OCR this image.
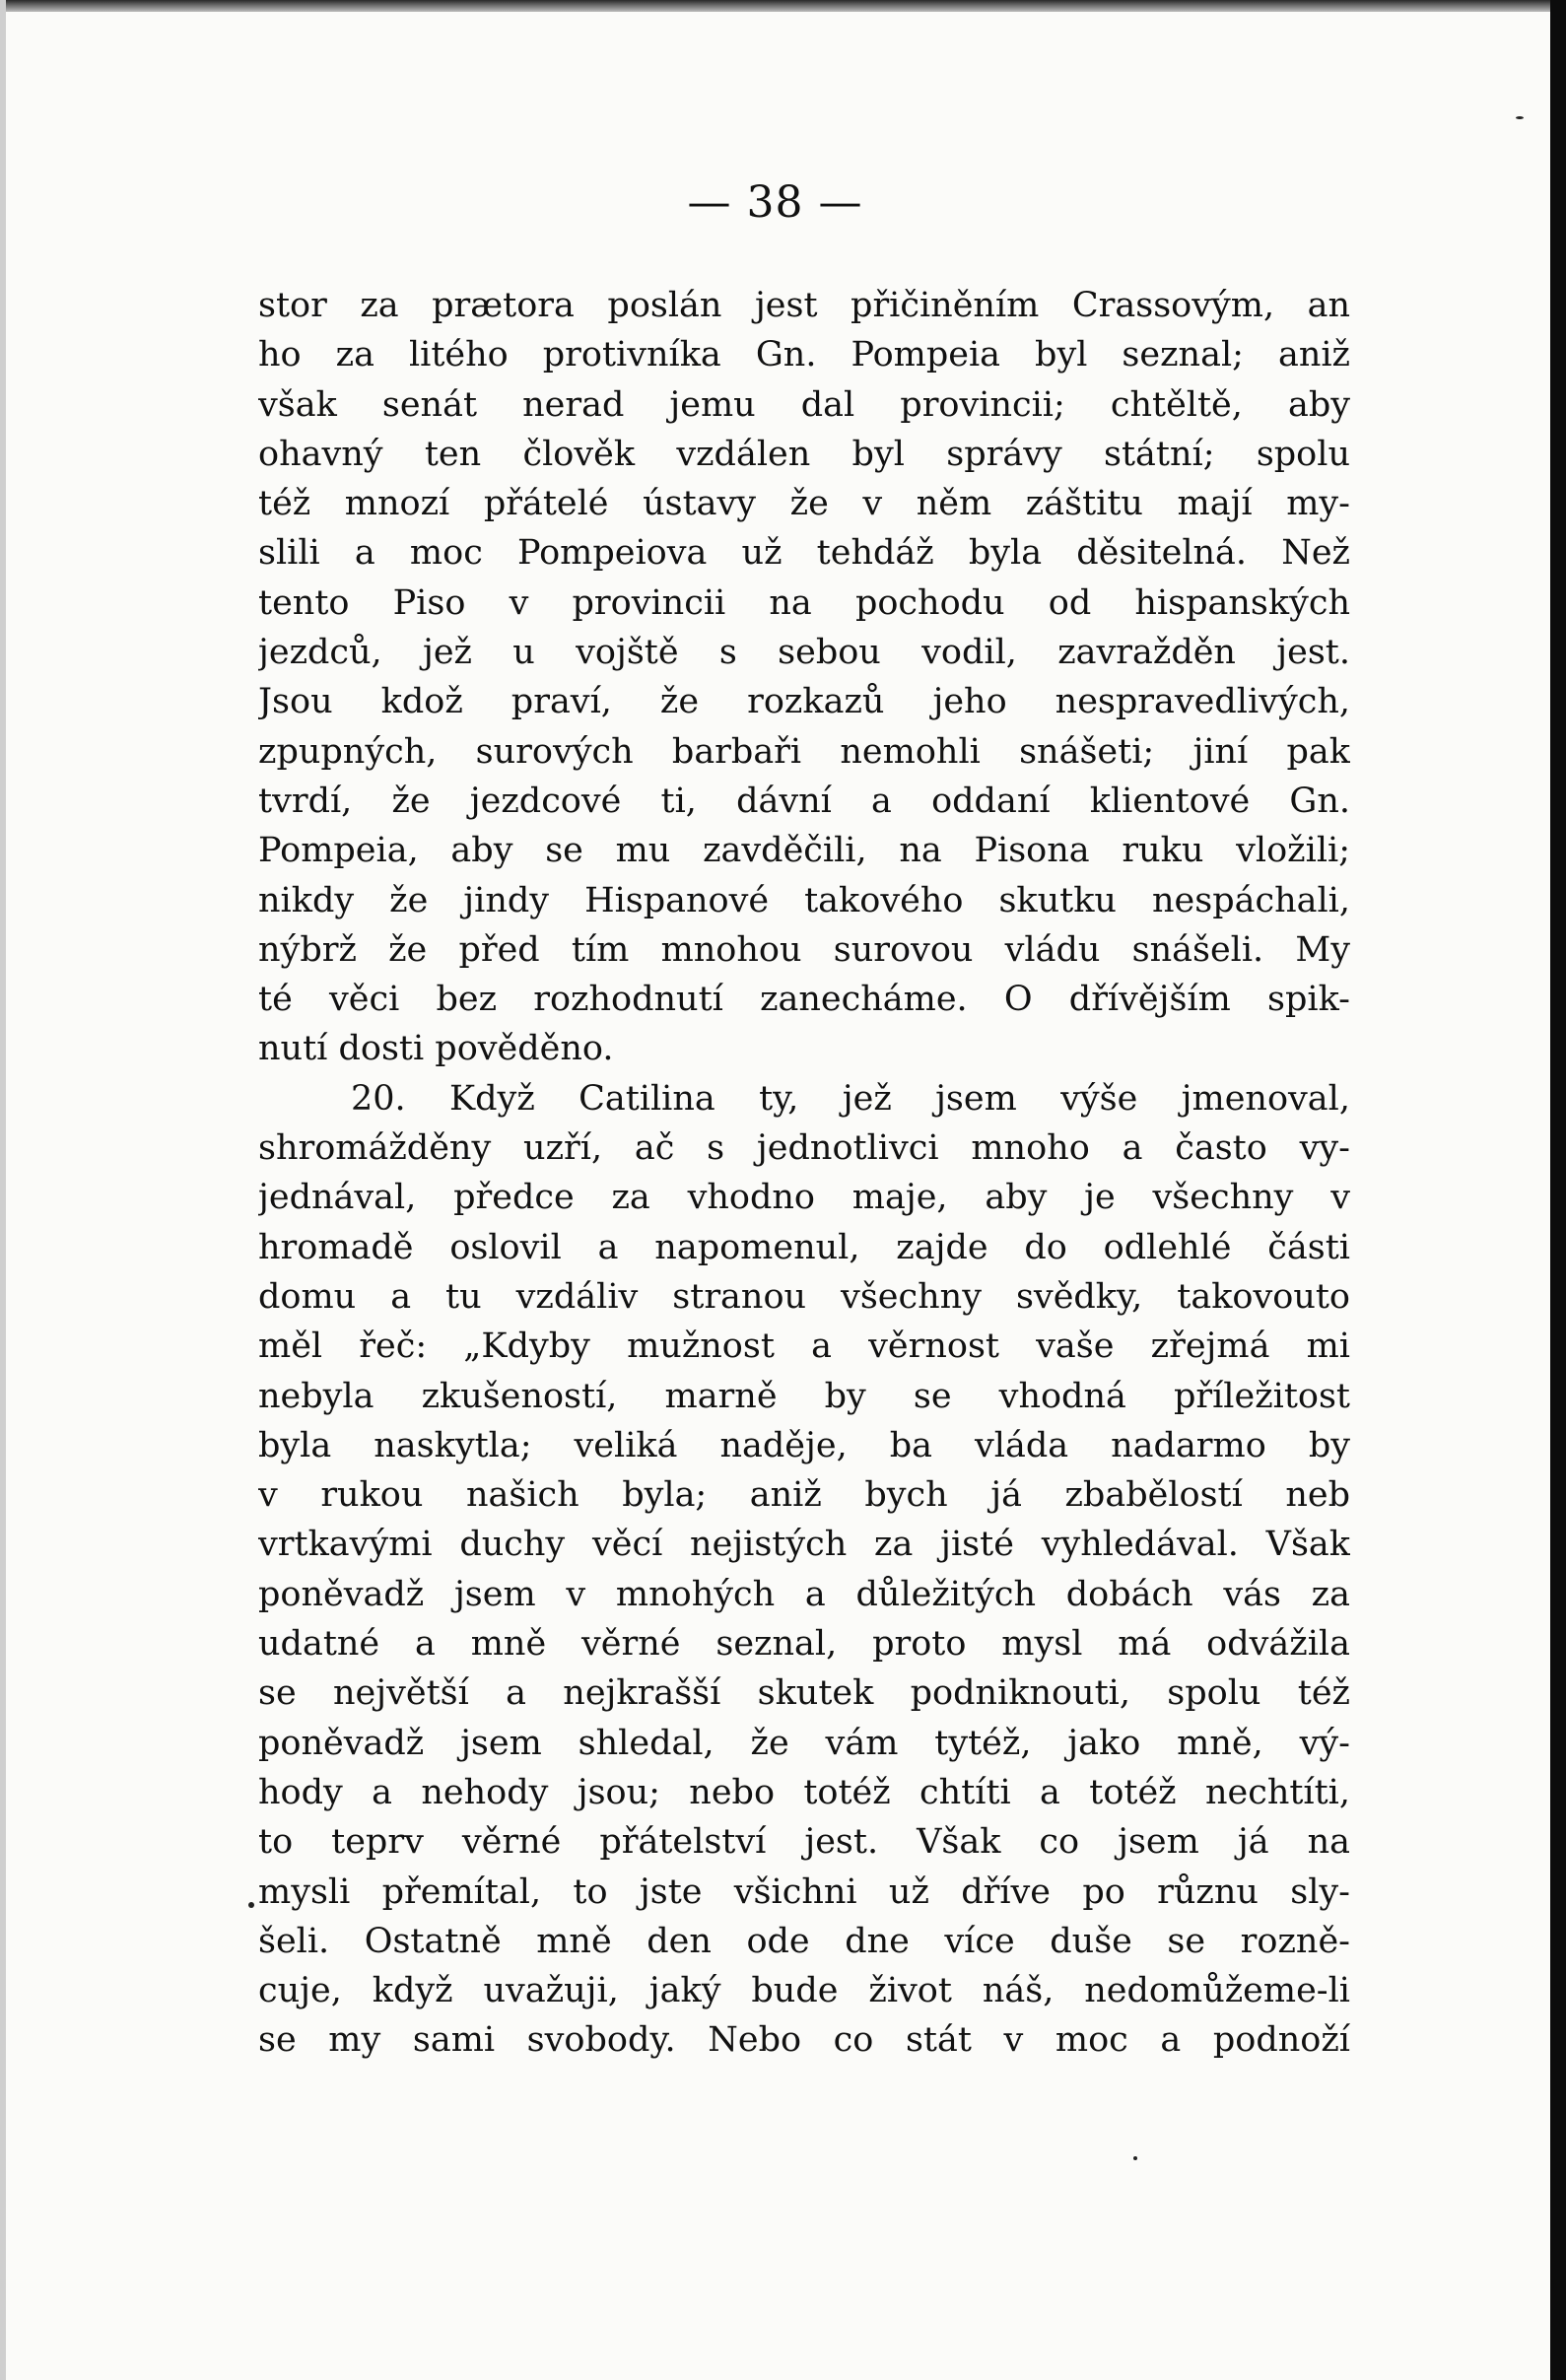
— 38 —
stor za prætora poslán jest přičiněním Crassovým, an
ho za litého protivníka Gn. Pompeia byl seznal; aniž
však senát nerad jemu dal provincii; chtěltě, aby
ohavný ten člověk vzdálen byl správy státní; spolu
též mnozí přátelé ústavy že v něm záštitu mají my-
slili a moc Pompeiova už tehdáž byla děsitelná. Než
tento Piso v provincii na pochodu od hispanských
jezdců, jež u vojště s sebou vodil, zavražděn jest.
Jsou kdož praví, že rozkazů jeho nespravedlivých,
zpupných, surových barbaři nemohli snášeti; jiní pak
tvrdí, že jezdcové ti, dávní a oddaní klientové Gn.
Pompeia, aby se mu zavděčili, na Pisona ruku vložili;
nikdy že jindy Hispanové takového skutku nespáchali,
nýbrž že před tím mnohou surovou vládu snášeli. My
té věci bez rozhodnutí zanecháme. O dřívějším spik-
nutí dosti pověděno.
20. Když Catilina ty, jež jsem výše jmenoval,
shromážděny uzří, ač s jednotlivci mnoho a často vy-
jednával, předce za vhodno maje, aby je všechny v
hromadě oslovil a napomenul, zajde do odlehlé části
domu a tu vzdáliv stranou všechny svědky, takovouto
měl řeč: „Kdyby mužnost a věrnost vaše zřejmá mi
nebyla zkušeností, marně by se vhodná příležitost
byla naskytla; veliká naděje, ba vláda nadarmo by
v rukou našich byla; aniž bych já zbabělostí neb
vrtkavými duchy věcí nejistých za jisté vyhledával. Však
poněvadž jsem v mnohých a důležitých dobách vás za
udatné a mně věrné seznal, proto mysl má odvážila
se největší a nejkrašší skutek podniknouti, spolu též
poněvadž jsem shledal, že vám tytéž, jako mně, vý-
hody a nehody jsou; nebo totéž chtíti a totéž nechtíti,
to teprv věrné přátelství jest. Však co jsem já na
mysli přemítal, to jste všichni už dříve po různu sly-
šeli. Ostatně mně den ode dne více duše se rozně-
cuje, když uvažuji, jaký bude život náš, nedomůžeme-li
se my sami svobody. Nebo co stát v moc a podnoží
